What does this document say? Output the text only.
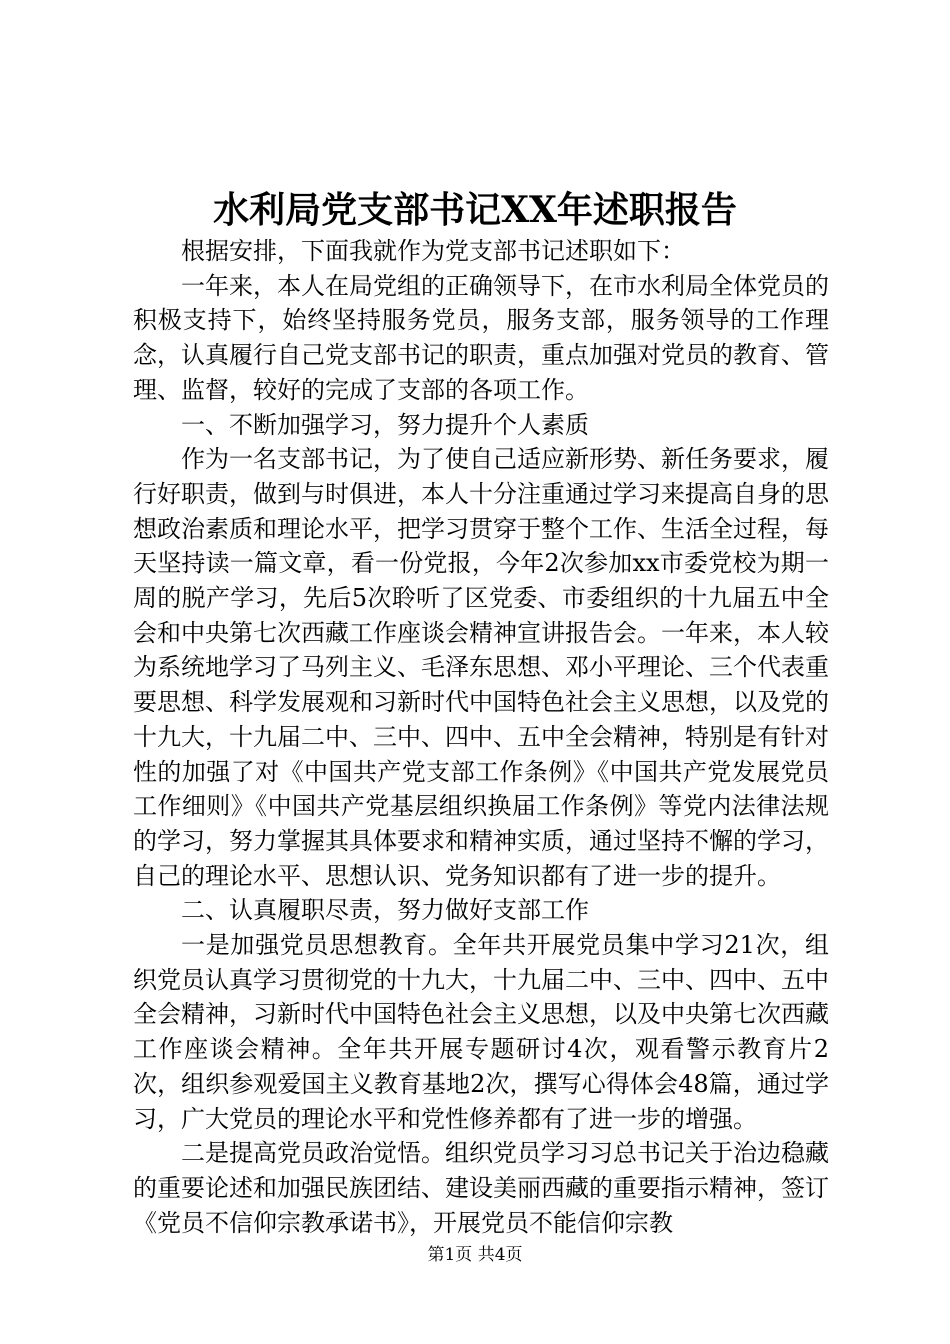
水利局党支部书记XX年述职报告

根据安排，下面我就作为党支部书记述职如下：

一年来，本人在局党组的正确领导下，在市水利局全体党员的积极支持下，始终坚持服务党员，服务支部，服务领导的工作理念，认真履行自己党支部书记的职责，重点加强对党员的教育、管理、监督，较好的完成了支部的各项工作。

一、不断加强学习，努力提升个人素质

作为一名支部书记，为了使自己适应新形势、新任务要求，履行好职责，做到与时俱进，本人十分注重通过学习来提高自身的思想政治素质和理论水平，把学习贯穿于整个工作、生活全过程，每天坚持读一篇文章，看一份党报，今年2次参加xx市委党校为期一周的脱产学习，先后5次聆听了区党委、市委组织的十九届五中全会和中央第七次西藏工作座谈会精神宣讲报告会。一年来，本人较为系统地学习了马列主义、毛泽东思想、邓小平理论、三个代表重要思想、科学发展观和习新时代中国特色社会主义思想，以及党的十九大，十九届二中、三中、四中、五中全会精神，特别是有针对性的加强了对《中国共产党支部工作条例》《中国共产党发展党员工作细则》《中国共产党基层组织换届工作条例》等党内法律法规的学习，努力掌握其具体要求和精神实质，通过坚持不懈的学习，自己的理论水平、思想认识、党务知识都有了进一步的提升。

二、认真履职尽责，努力做好支部工作

一是加强党员思想教育。全年共开展党员集中学习21次，组织党员认真学习贯彻党的十九大，十九届二中、三中、四中、五中全会精神，习新时代中国特色社会主义思想，以及中央第七次西藏工作座谈会精神。全年共开展专题研讨4次，观看警示教育片2次，组织参观爱国主义教育基地2次，撰写心得体会48篇，通过学习，广大党员的理论水平和党性修养都有了进一步的增强。

二是提高党员政治觉悟。组织党员学习习总书记关于治边稳藏的重要论述和加强民族团结、建设美丽西藏的重要指示精神，签订《党员不信仰宗教承诺书》，开展党员不能信仰宗教

第1页 共4页
